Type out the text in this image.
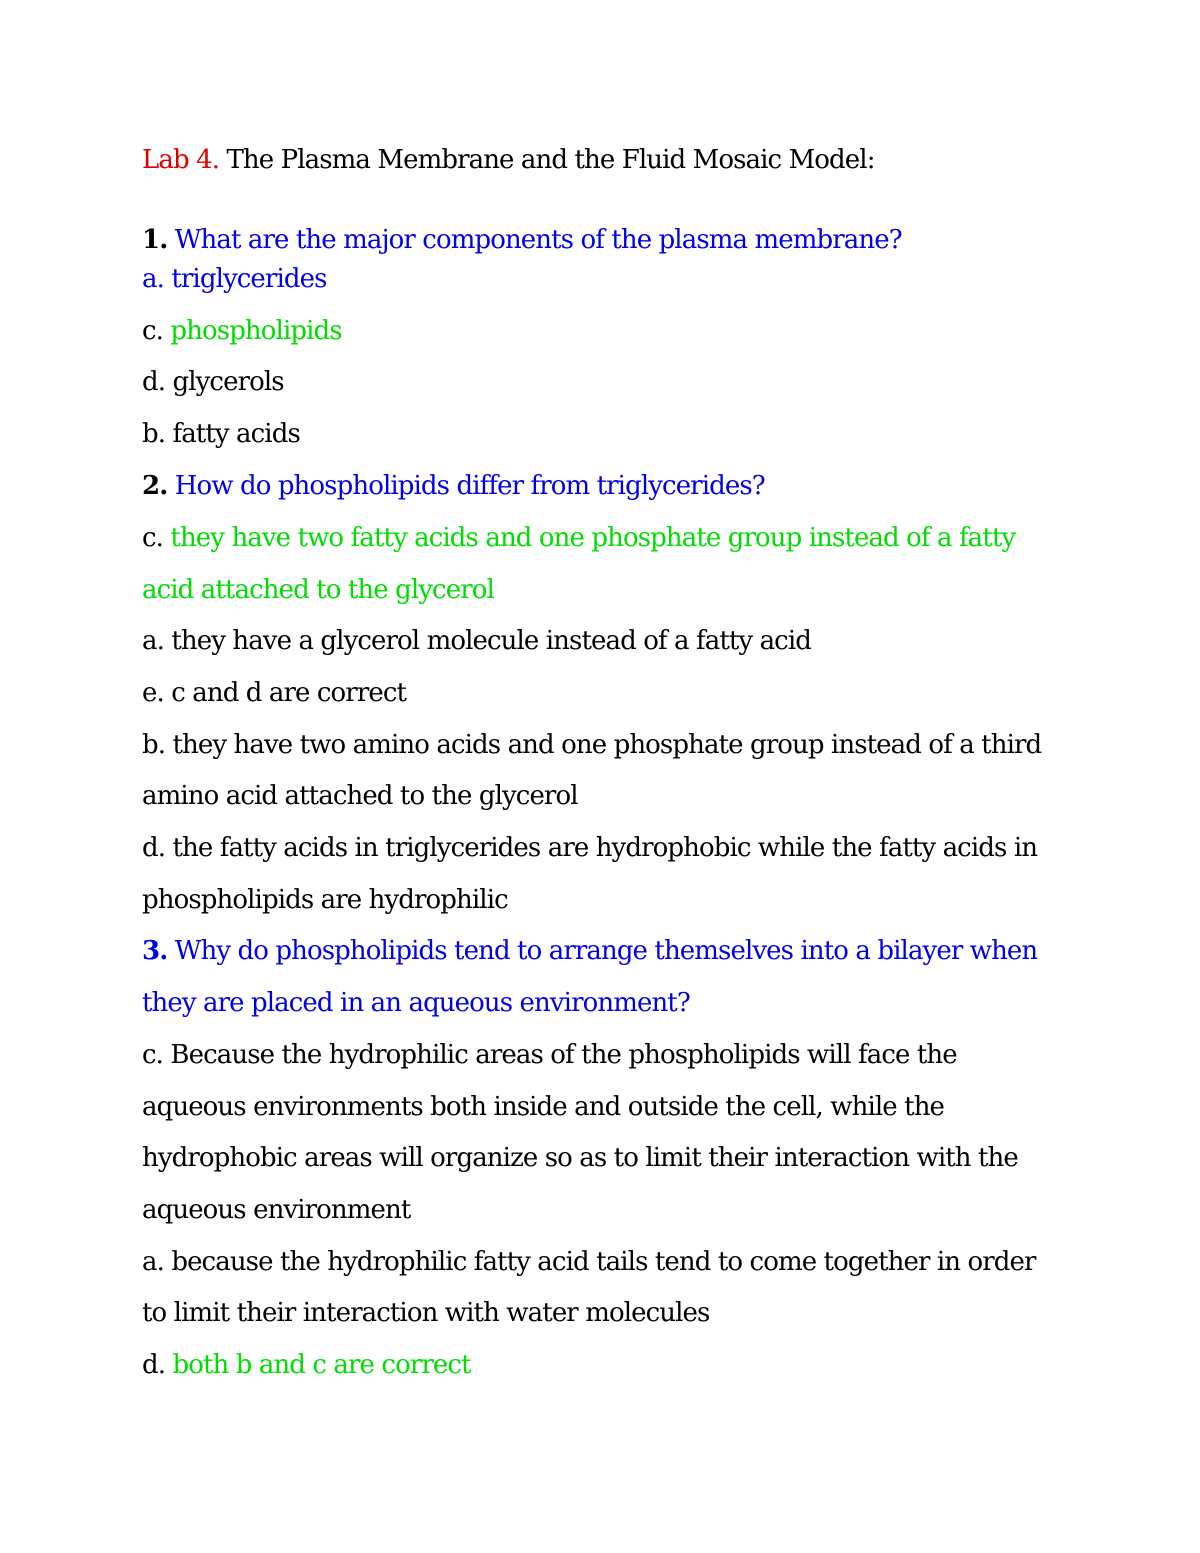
Lab 4. The Plasma Membrane and the Fluid Mosaic Model:
1. What are the major components of the plasma membrane?
a. triglycerides
c. phospholipids
d. glycerols
b. fatty acids
2. How do phospholipids differ from triglycerides?
c. they have two fatty acids and one phosphate group instead of a fatty
acid attached to the glycerol
a. they have a glycerol molecule instead of a fatty acid
e. c and d are correct
b. they have two amino acids and one phosphate group instead of a third
amino acid attached to the glycerol
d. the fatty acids in triglycerides are hydrophobic while the fatty acids in
phospholipids are hydrophilic
3. Why do phospholipids tend to arrange themselves into a bilayer when
they are placed in an aqueous environment?
c. Because the hydrophilic areas of the phospholipids will face the
aqueous environments both inside and outside the cell, while the
hydrophobic areas will organize so as to limit their interaction with the
aqueous environment
a. because the hydrophilic fatty acid tails tend to come together in order
to limit their interaction with water molecules
d. both b and c are correct
